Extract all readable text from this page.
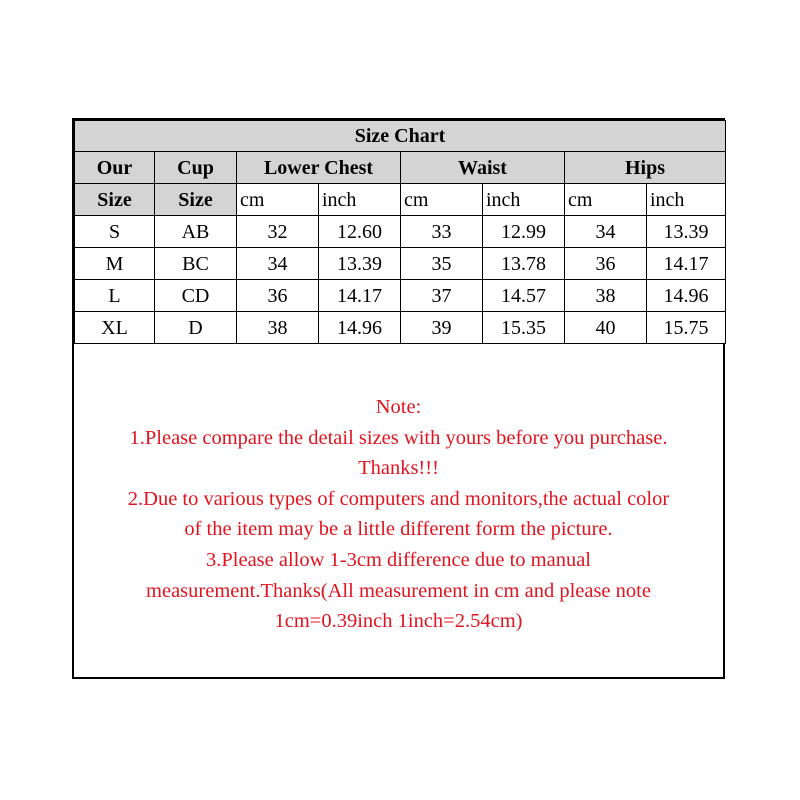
Size Chart							
Our	Cup	Lower Chest		Waist		Hips	
Size	Size	cm	inch	cm	inch	cm	inch
S	AB	32	12.60	33	12.99	34	13.39
M	BC	34	13.39	35	13.78	36	14.17
L	CD	36	14.17	37	14.57	38	14.96
XL	D	38	14.96	39	15.35	40	15.75
Note:
1.Please compare the detail sizes with yours before you purchase.
Thanks!!!
2.Due to various types of computers and monitors,the actual color
of the item may be a little different form the picture.
3.Please allow 1-3cm difference due to manual
measurement.Thanks(All measurement in cm and please note
1cm=0.39inch 1inch=2.54cm)
